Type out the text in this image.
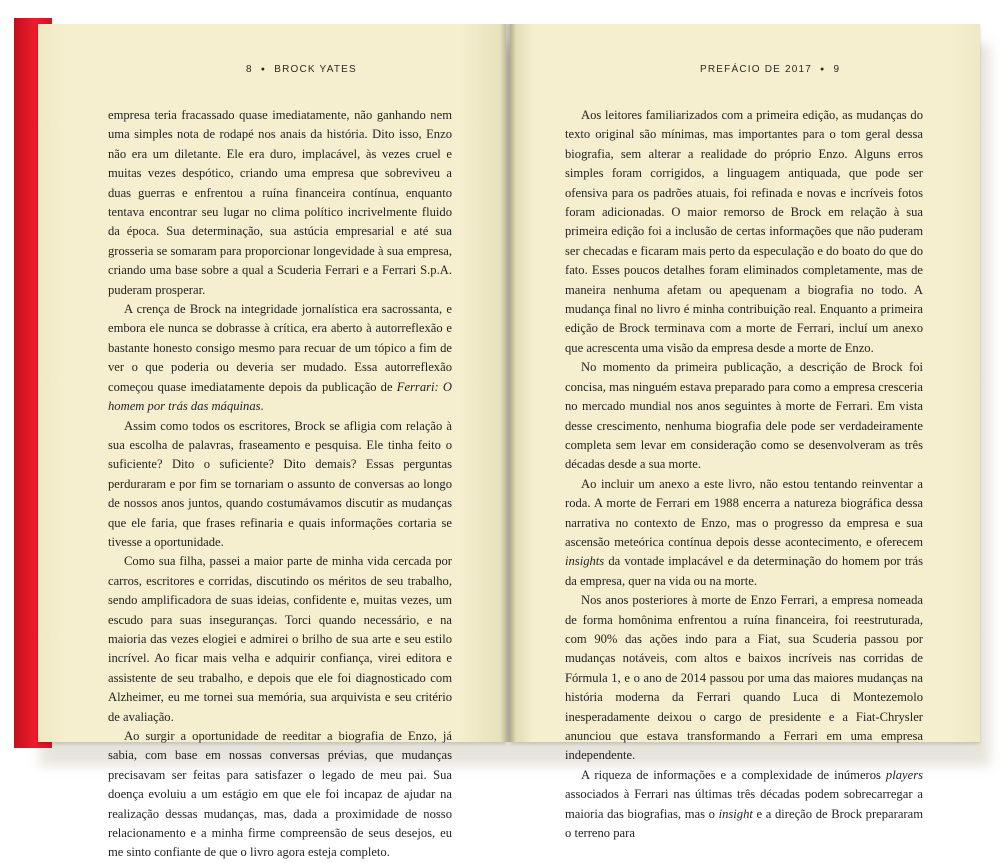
8 ● BROCK YATES	PREFÁCIO DE 2017 ● 9

empresa teria fracassado quase imediatamente, não ganhando nem uma simples nota de rodapé nos anais da história. Dito isso, Enzo não era um diletante. Ele era duro, implacável, às vezes cruel e muitas vezes despótico, criando uma empresa que sobreviveu a duas guerras e enfrentou a ruína financeira contínua, enquanto tentava encontrar seu lugar no clima político incrivelmente fluido da época. Sua determinação, sua astúcia empresarial e até sua grosseria se somaram para proporcionar longevidade à sua empresa, criando uma base sobre a qual a Scuderia Ferrari e a Ferrari S.p.A. puderam prosperar.

A crença de Brock na integridade jornalística era sacrossanta, e embora ele nunca se dobrasse à crítica, era aberto à autorreflexão e bastante honesto consigo mesmo para recuar de um tópico a fim de ver o que poderia ou deveria ser mudado. Essa autorreflexão começou quase imediatamente depois da publicação de Ferrari: O homem por trás das máquinas.

Assim como todos os escritores, Brock se afligia com relação à sua escolha de palavras, fraseamento e pesquisa. Ele tinha feito o suficiente? Dito o suficiente? Dito demais? Essas perguntas perduraram e por fim se tornariam o assunto de conversas ao longo de nossos anos juntos, quando costumávamos discutir as mudanças que ele faria, que frases refinaria e quais informações cortaria se tivesse a oportunidade.

Como sua filha, passei a maior parte de minha vida cercada por carros, escritores e corridas, discutindo os méritos de seu trabalho, sendo amplificadora de suas ideias, confidente e, muitas vezes, um escudo para suas inseguranças. Torci quando necessário, e na maioria das vezes elogiei e admirei o brilho de sua arte e seu estilo incrível. Ao ficar mais velha e adquirir confiança, virei editora e assistente de seu trabalho, e depois que ele foi diagnosticado com Alzheimer, eu me tornei sua memória, sua arquivista e seu critério de avaliação.

Ao surgir a oportunidade de reeditar a biografia de Enzo, já sabia, com base em nossas conversas prévias, que mudanças precisavam ser feitas para satisfazer o legado de meu pai. Sua doença evoluiu a um estágio em que ele foi incapaz de ajudar na realização dessas mudanças, mas, dada a proximidade de nosso relacionamento e a minha firme compreensão de seus desejos, eu me sinto confiante de que o livro agora esteja completo.

Aos leitores familiarizados com a primeira edição, as mudanças do texto original são mínimas, mas importantes para o tom geral dessa biografia, sem alterar a realidade do próprio Enzo. Alguns erros simples foram corrigidos, a linguagem antiquada, que pode ser ofensiva para os padrões atuais, foi refinada e novas e incríveis fotos foram adicionadas. O maior remorso de Brock em relação à sua primeira edição foi a inclusão de certas informações que não puderam ser checadas e ficaram mais perto da especulação e do boato do que do fato. Esses poucos detalhes foram eliminados completamente, mas de maneira nenhuma afetam ou apequenam a biografia no todo. A mudança final no livro é minha contribuição real. Enquanto a primeira edição de Brock terminava com a morte de Ferrari, incluí um anexo que acrescenta uma visão da empresa desde a morte de Enzo.

No momento da primeira publicação, a descrição de Brock foi concisa, mas ninguém estava preparado para como a empresa cresceria no mercado mundial nos anos seguintes à morte de Ferrari. Em vista desse crescimento, nenhuma biografia dele pode ser verdadeiramente completa sem levar em consideração como se desenvolveram as três décadas desde a sua morte.

Ao incluir um anexo a este livro, não estou tentando reinventar a roda. A morte de Ferrari em 1988 encerra a natureza biográfica dessa narrativa no contexto de Enzo, mas o progresso da empresa e sua ascensão meteórica contínua depois desse acontecimento, e oferecem insights da vontade implacável e da determinação do homem por trás da empresa, quer na vida ou na morte.

Nos anos posteriores à morte de Enzo Ferrari, a empresa nomeada de forma homônima enfrentou a ruína financeira, foi reestruturada, com 90% das ações indo para a Fiat, sua Scuderia passou por mudanças notáveis, com altos e baixos incríveis nas corridas de Fórmula 1, e o ano de 2014 passou por uma das maiores mudanças na história moderna da Ferrari quando Luca di Montezemolo inesperadamente deixou o cargo de presidente e a Fiat-Chrysler anunciou que estava transformando a Ferrari em uma empresa independente.

A riqueza de informações e a complexidade de inúmeros players associados à Ferrari nas últimas três décadas podem sobrecarregar a maioria das biografias, mas o insight e a direção de Brock prepararam o terreno para
